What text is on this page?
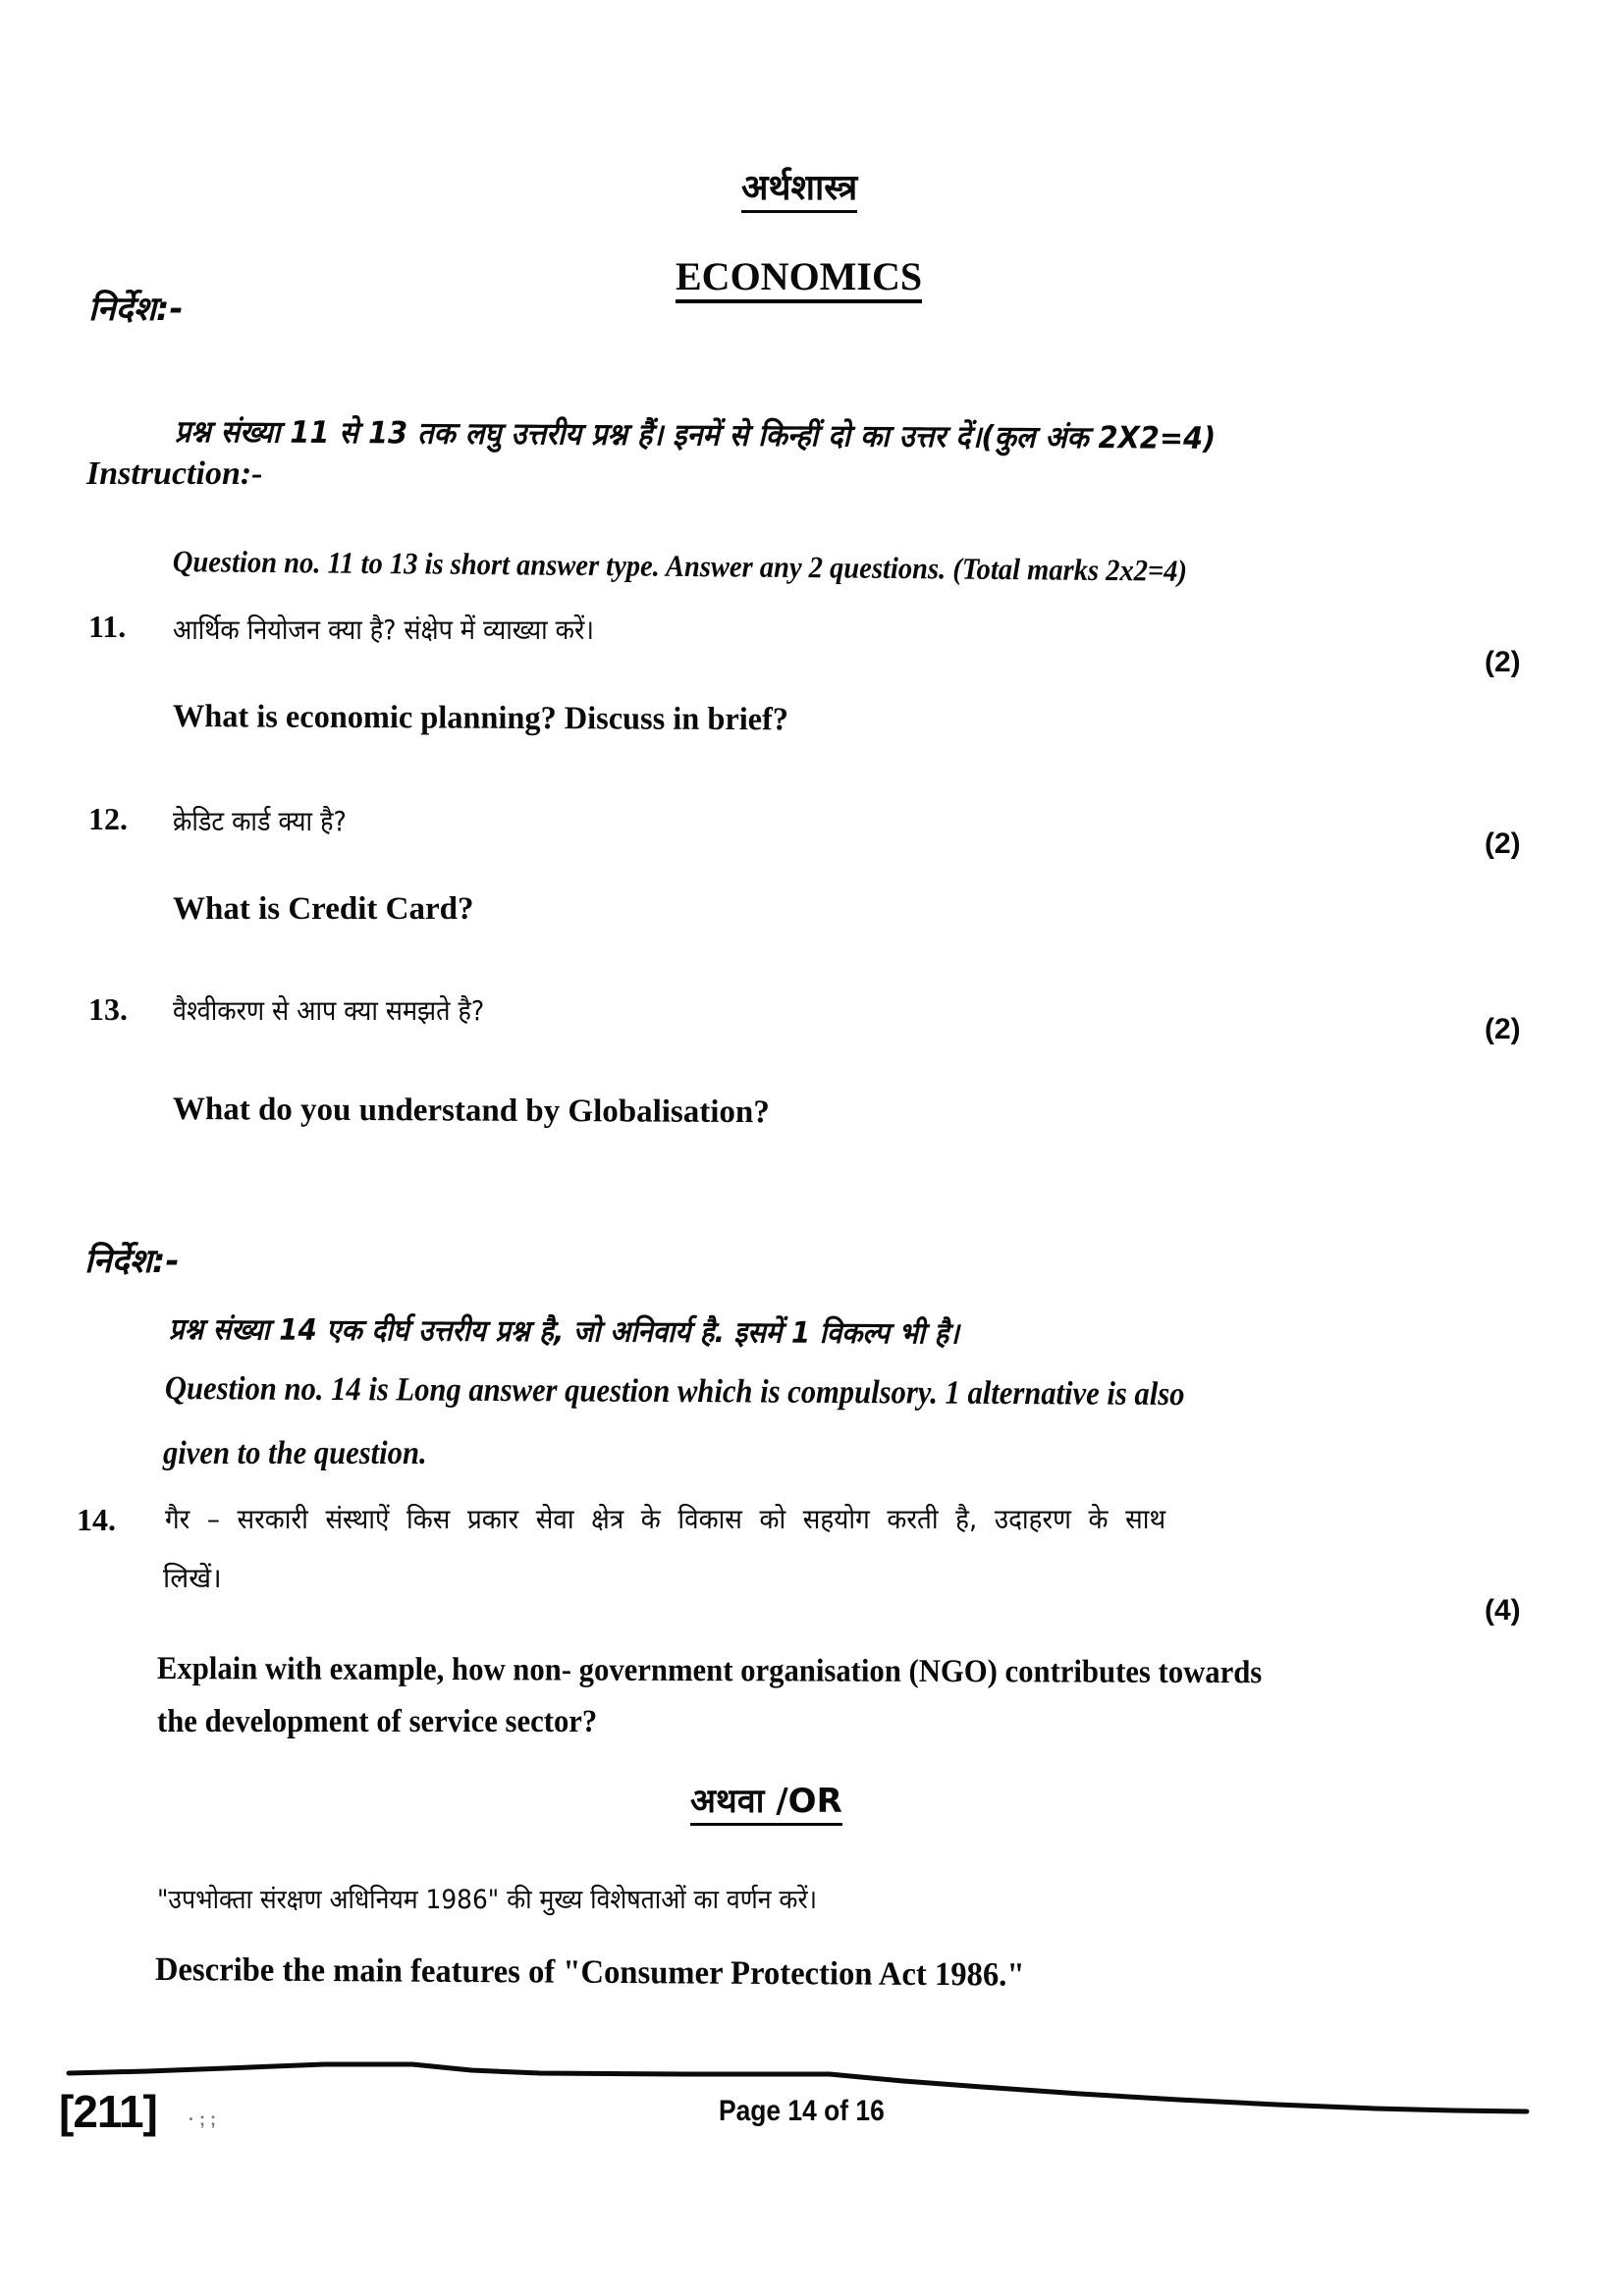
अर्थशास्त्र
ECONOMICS
निर्देश:-
प्रश्न संख्या 11 से 13 तक लघु उत्तरीय प्रश्न हैं। इनमें से किन्हीं दो का उत्तर दें।(कुल अंक 2X2=4)
Instruction:-
Question no. 11 to 13 is short answer type. Answer any 2 questions. (Total marks 2x2=4)
11. आर्थिक नियोजन क्या है? संक्षेप में व्याख्या करें।
(2)
What is economic planning? Discuss in brief?
12. क्रेडिट कार्ड क्या है?
(2)
What is Credit Card?
13. वैश्वीकरण से आप क्या समझते है?
(2)
What do you understand by Globalisation?
निर्देश:-
प्रश्न संख्या 14 एक दीर्घ उत्तरीय प्रश्न है, जो अनिवार्य है. इसमें 1 विकल्प भी है।
Question no. 14 is Long answer question which is compulsory. 1 alternative is also
given to the question.
14. गैर – सरकारी संस्थाऐं किस प्रकार सेवा क्षेत्र के विकास को सहयोग करती है, उदाहरण के साथ
लिखें।
(4)
Explain with example, how non- government organisation (NGO) contributes towards
the development of service sector?
अथवा /OR
"उपभोक्ता संरक्षण अधिनियम 1986" की मुख्य विशेषताओं का वर्णन करें।
Describe the main features of "Consumer Protection Act 1986."
[211] · ; ;	Page 14 of 16
